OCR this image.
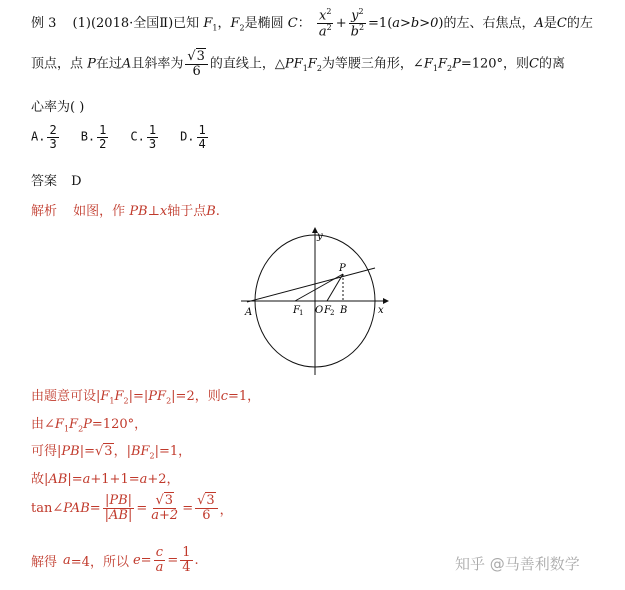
例 3 (1)(2018·全国Ⅱ)已知 $F_1$，$F_2$是椭圆 C： $\frac{x^2}{a^2} + \frac{y^2}{b^2} =1(a>b>0)$的左、右焦点，A是C的左
顶点，点 P在过A且斜率为 $\frac{√3}{6}$ 的直线上，$\triangle PF_1F_2$为等腰三角形，$\angle F_1F_2P=120^\circ$，则C的离
心率为( )
A. $\frac{2}{3} B$. $\frac{1}{2} C$. $\frac{1}{3} D$. $\frac{1}{4}$
答案 D
解析 如图，作 PB⊥x轴于点B.
y
x
P
A	F 1 O F 2 B
由题意可设$|F_1F_2|=|PF_2|=2$，则c=1，
由$\angle F_1F_2P=120^\circ$，
可得|PB|=√3，$|BF_2|=1$，
故|AB|=a+1+1=a+2，
tan∠ PAB = $\frac{|PB|}{|AB|} = \frac{√3}{a+2} = \frac{√3}{6}$ ，
解得 a =4，所以 $e = \frac{c}{a} = \frac{1}{4}$ .	知乎 @马善利数学
